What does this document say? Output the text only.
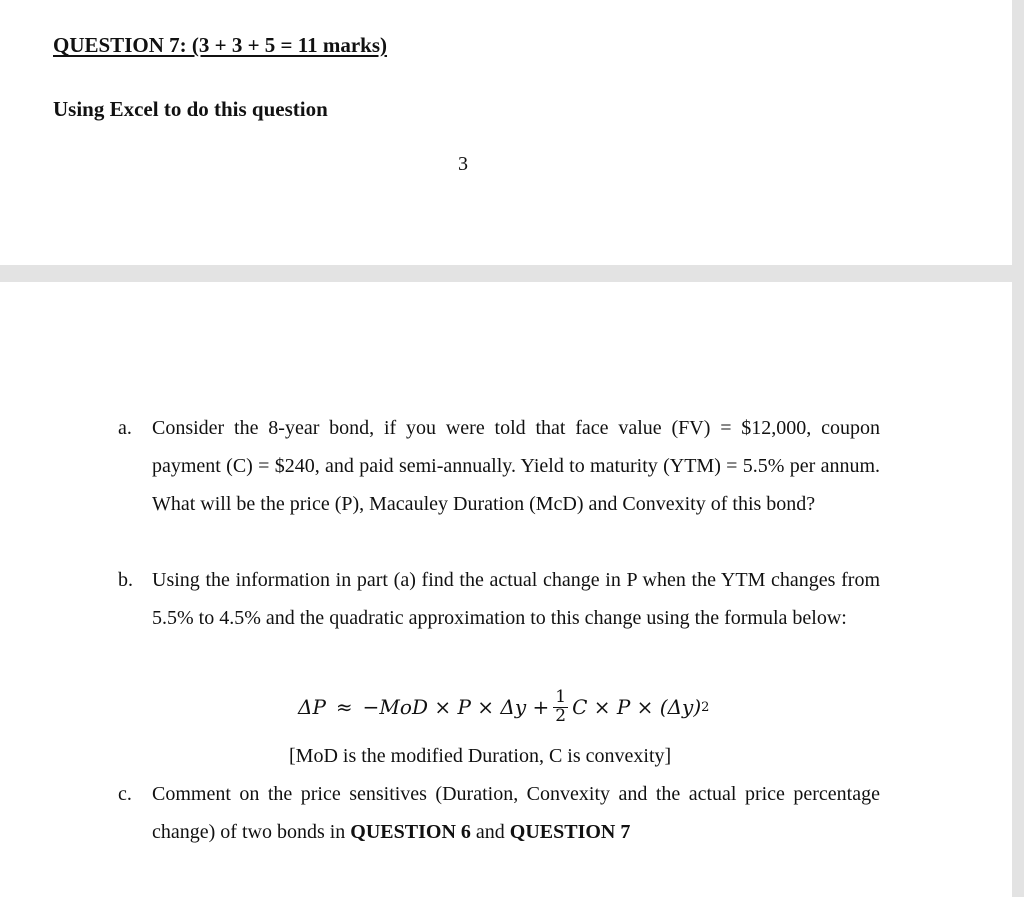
QUESTION 7: (3 + 3 + 5 = 11 marks)
Using Excel to do this question
3
a. Consider the 8-year bond, if you were told that face value (FV) = $12,000, coupon payment (C) = $240, and paid semi-annually. Yield to maturity (YTM) = 5.5% per annum. What will be the price (P), Macauley Duration (McD) and Convexity of this bond?
b. Using the information in part (a) find the actual change in P when the YTM changes from 5.5% to 4.5% and the quadratic approximation to this change using the formula below:
$\Delta P \approx -MoD \times P \times \Delta y + \frac{1}{2}$ C × P × (Δy) 2
[MoD is the modified Duration, C is convexity]
c. Comment on the price sensitives (Duration, Convexity and the actual price percentage change) of two bonds in QUESTION 6 and QUESTION 7
